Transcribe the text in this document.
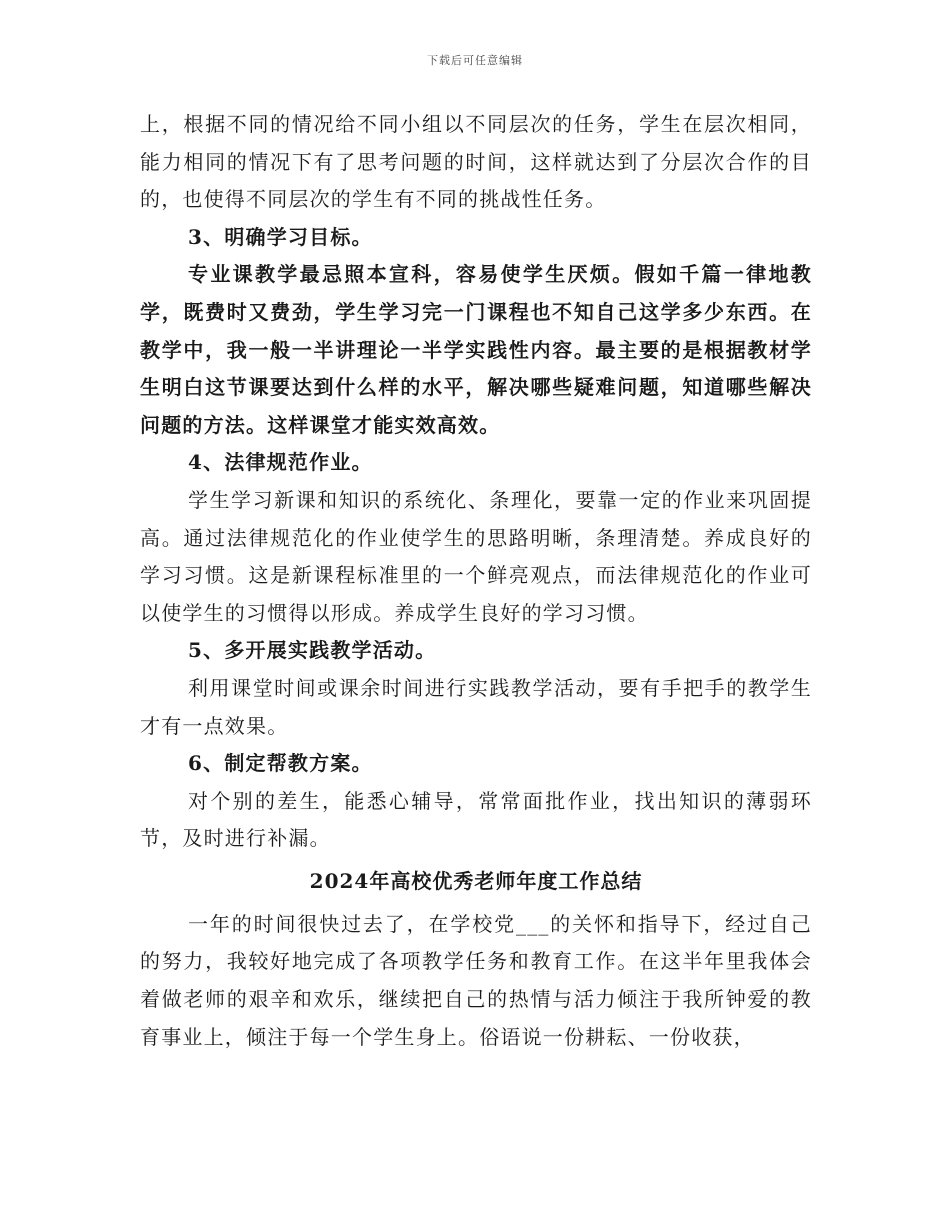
下载后可任意编辑

上，根据不同的情况给不同小组以不同层次的任务，学生在层次相同，能力相同的情况下有了思考问题的时间，这样就达到了分层次合作的目的，也使得不同层次的学生有不同的挑战性任务。

3、明确学习目标。

专业课教学最忌照本宣科，容易使学生厌烦。假如千篇一律地教学，既费时又费劲，学生学习完一门课程也不知自己这学多少东西。在教学中，我一般一半讲理论一半学实践性内容。最主要的是根据教材学生明白这节课要达到什么样的水平，解决哪些疑难问题，知道哪些解决问题的方法。这样课堂才能实效高效。

4、法律规范作业。

学生学习新课和知识的系统化、条理化，要靠一定的作业来巩固提高。通过法律规范化的作业使学生的思路明晰，条理清楚。养成良好的学习习惯。这是新课程标准里的一个鲜亮观点，而法律规范化的作业可以使学生的习惯得以形成。养成学生良好的学习习惯。

5、多开展实践教学活动。

利用课堂时间或课余时间进行实践教学活动，要有手把手的教学生才有一点效果。

6、制定帮教方案。

对个别的差生，能悉心辅导，常常面批作业，找出知识的薄弱环节，及时进行补漏。

2024年高校优秀老师年度工作总结

一年的时间很快过去了，在学校党___的关怀和指导下，经过自己的努力，我较好地完成了各项教学任务和教育工作。在这半年里我体会着做老师的艰辛和欢乐，继续把自己的热情与活力倾注于我所钟爱的教育事业上，倾注于每一个学生身上。俗语说一份耕耘、一份收获，
